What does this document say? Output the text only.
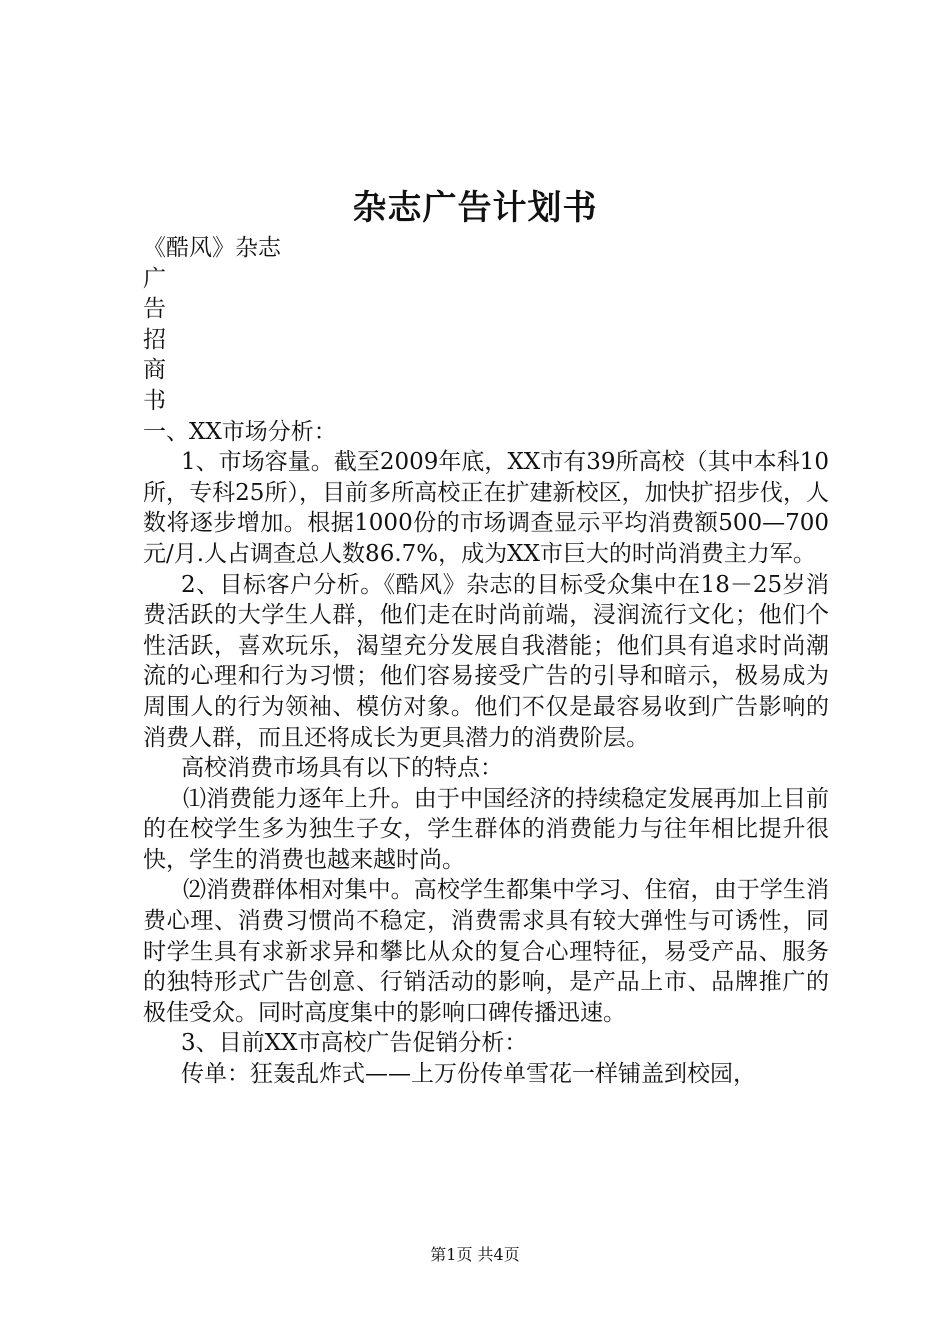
杂志广告计划书

《酷风》杂志

广

告

招

商

书

一、XX市场分析：

1、市场容量。截至2009年底，XX市有39所高校（其中本科10所，专科25所），目前多所高校正在扩建新校区，加快扩招步伐，人数将逐步增加。根据1000份的市场调查显示平均消费额500—700元/月.人占调查总人数86.7%，成为XX市巨大的时尚消费主力军。

2、目标客户分析。《酷风》杂志的目标受众集中在18－25岁消费活跃的大学生人群，他们走在时尚前端，浸润流行文化；他们个性活跃，喜欢玩乐，渴望充分发展自我潜能；他们具有追求时尚潮流的心理和行为习惯；他们容易接受广告的引导和暗示，极易成为周围人的行为领袖、模仿对象。他们不仅是最容易收到广告影响的消费人群，而且还将成长为更具潜力的消费阶层。

高校消费市场具有以下的特点：

⑴消费能力逐年上升。由于中国经济的持续稳定发展再加上目前的在校学生多为独生子女，学生群体的消费能力与往年相比提升很快，学生的消费也越来越时尚。

⑵消费群体相对集中。高校学生都集中学习、住宿，由于学生消费心理、消费习惯尚不稳定，消费需求具有较大弹性与可诱性，同时学生具有求新求异和攀比从众的复合心理特征，易受产品、服务的独特形式广告创意、行销活动的影响，是产品上市、品牌推广的极佳受众。同时高度集中的影响口碑传播迅速。

3、目前XX市高校广告促销分析：

传单：狂轰乱炸式——上万份传单雪花一样铺盖到校园，

第1页 共4页
